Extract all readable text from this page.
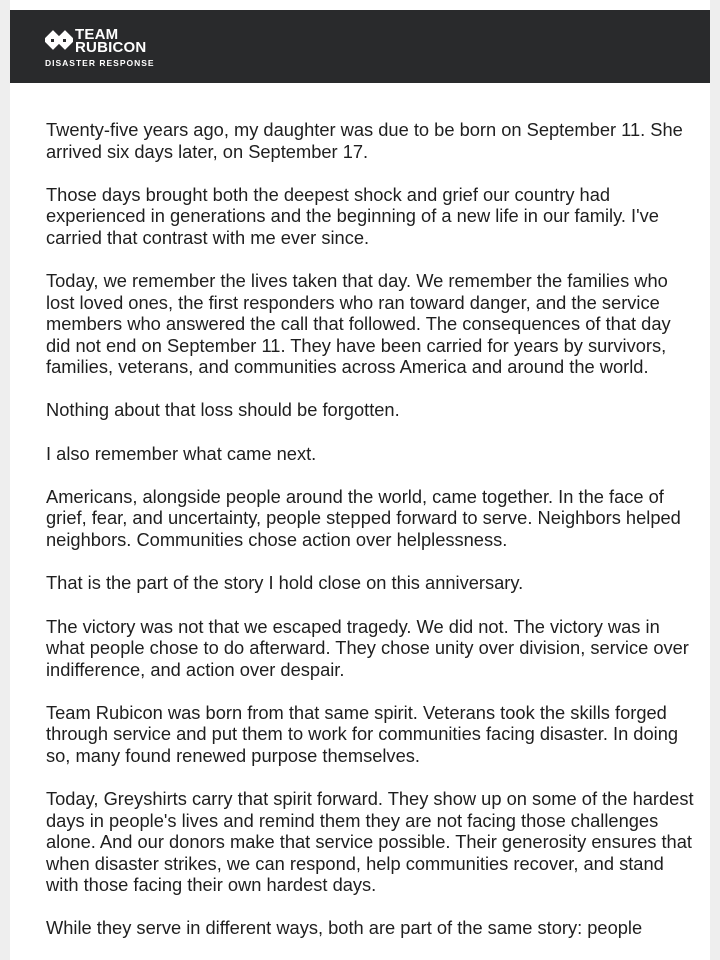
TEAM
RUBICON
DISASTER RESPONSE

Twenty-five years ago, my daughter was due to be born on September 11. She arrived six days later, on September 17.

Those days brought both the deepest shock and grief our country had experienced in generations and the beginning of a new life in our family. I've carried that contrast with me ever since.

Today, we remember the lives taken that day. We remember the families who lost loved ones, the first responders who ran toward danger, and the service members who answered the call that followed. The consequences of that day did not end on September 11. They have been carried for years by survivors, families, veterans, and communities across America and around the world.

Nothing about that loss should be forgotten.

I also remember what came next.

Americans, alongside people around the world, came together. In the face of grief, fear, and uncertainty, people stepped forward to serve. Neighbors helped neighbors. Communities chose action over helplessness.

That is the part of the story I hold close on this anniversary.

The victory was not that we escaped tragedy. We did not. The victory was in what people chose to do afterward. They chose unity over division, service over indifference, and action over despair.

Team Rubicon was born from that same spirit. Veterans took the skills forged through service and put them to work for communities facing disaster. In doing so, many found renewed purpose themselves.

Today, Greyshirts carry that spirit forward. They show up on some of the hardest days in people's lives and remind them they are not facing those challenges alone. And our donors make that service possible. Their generosity ensures that when disaster strikes, we can respond, help communities recover, and stand with those facing their own hardest days.

While they serve in different ways, both are part of the same story: people
